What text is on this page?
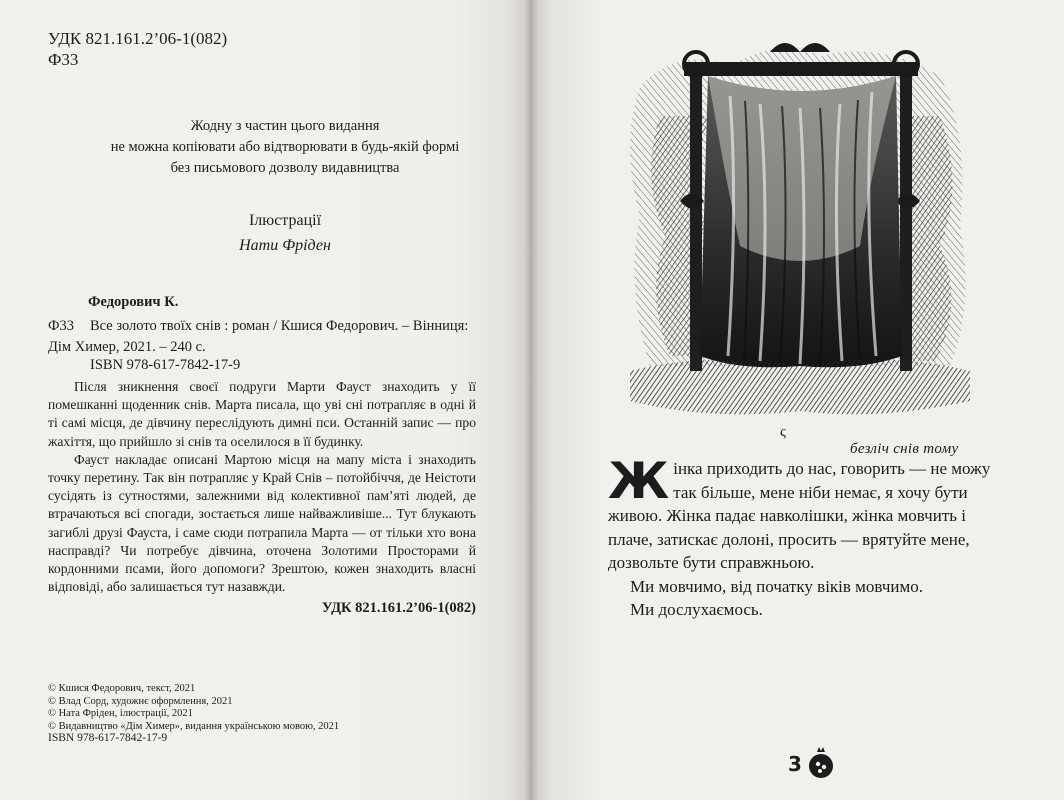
УДК 821.161.2’06-1(082)
Ф33
Жодну з частин цього видання
не можна копіювати або відтворювати в будь-якій формі
без письмового дозволу видавництва
Ілюстрації
Нати Фріден
Федорович К.
Ф33 Все золото твоїх снів : роман / Кшися Федорович. – Вінниця:
Дім Химер, 2021. – 240 с.
ISBN 978-617-7842-17-9

Після зникнення своєї подруги Марти Фауст знаходить у її помешканні щоденник снів. Марта писала, що уві сні потрапляє в одні й ті самі місця, де дівчину переслідують димні пси. Останній запис — про жахіття, що прийшло зі снів та оселилося в її будинку.

Фауст накладає описані Мартою місця на мапу міста і знаходить точку перетину. Так він потрапляє у Край Снів – потойбіччя, де Неістоти сусідять із сутностями, залежними від колективної пам’яті людей, де втрачаються всі спогади, зостається лише найважливіше... Тут блукають загиблі друзі Фауста, і саме сюди потрапила Марта — от тільки хто вона насправді? Чи потребує дівчина, оточена Золотими Просторами й кордонними псами, його допомоги? Зрештою, кожен знаходить власні відповіді, або залишається тут назавжди.

УДК 821.161.2’06-1(082)
© Кшися Федорович, текст, 2021
© Влад Сорд, художнє оформлення, 2021
© Ната Фріден, ілюстрації, 2021
© Видавництво «Дім Химер», видання українською мовою, 2021
ISBN 978-617-7842-17-9
ς
безліч снів тому

Жінка приходить до нас, говорить — не можу так більше, мене ніби немає, я хочу бути живою. Жінка падає навколішки, жінка мовчить і плаче, затискає долоні, просить — врятуйте мене, дозвольте бути справжньою.

Ми мовчимо, від початку віків мовчимо.

Ми дослухаємось.

3
